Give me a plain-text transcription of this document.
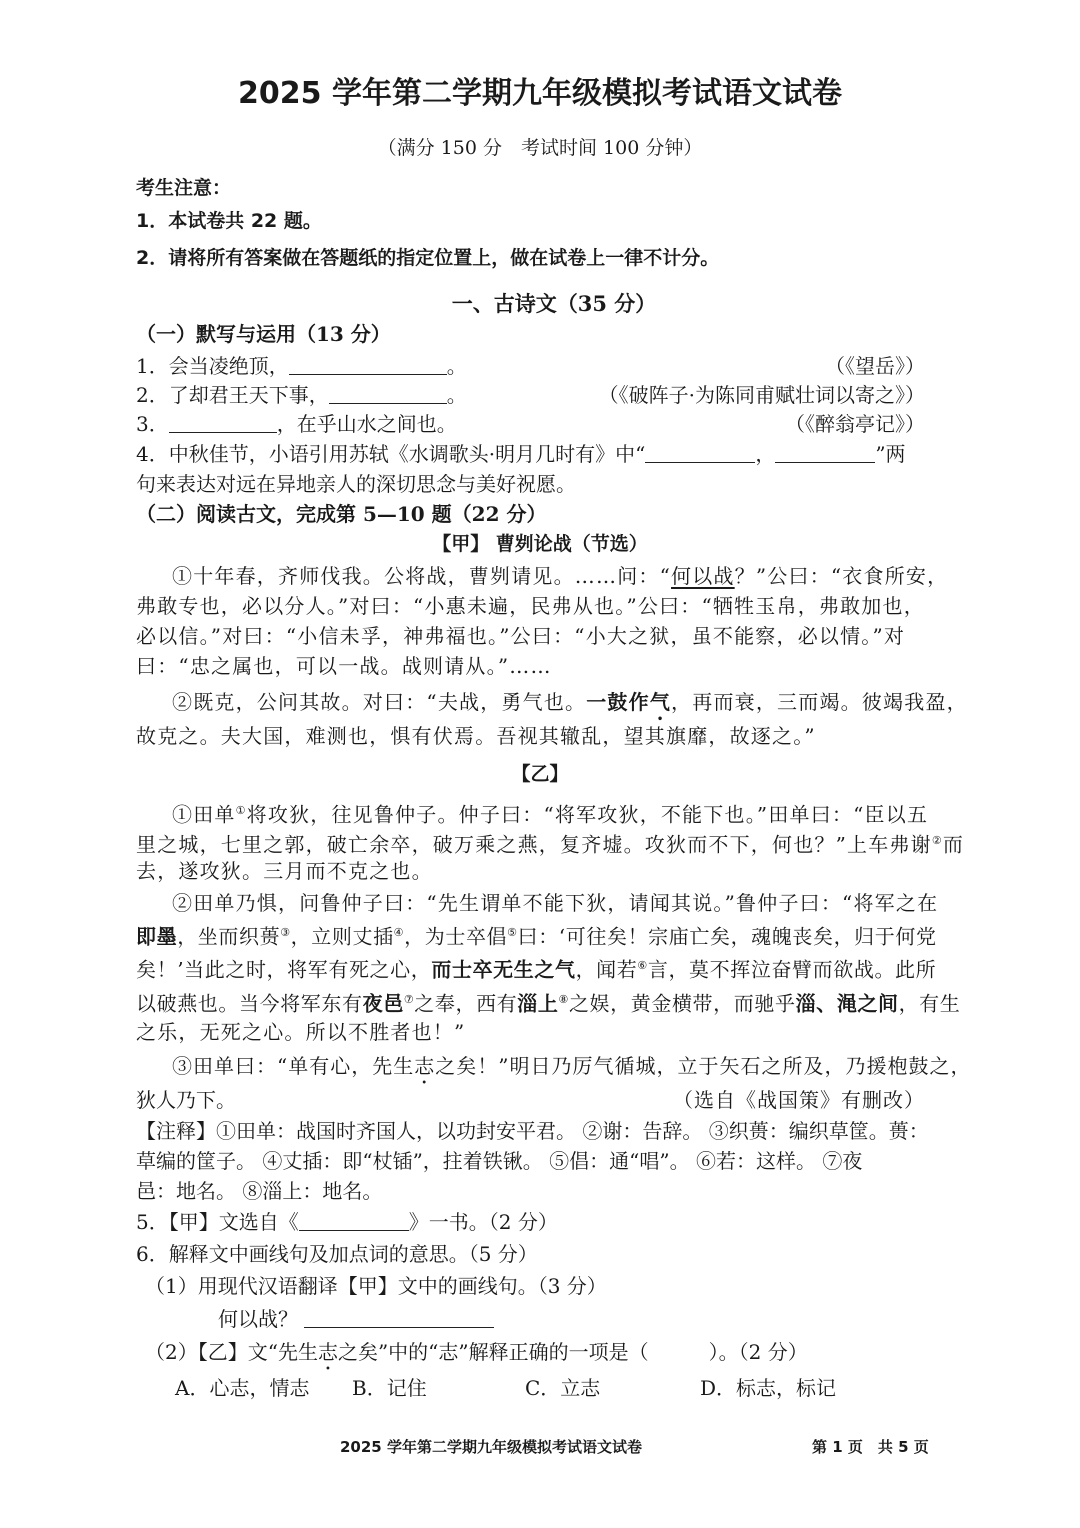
2025 学年第二学期九年级模拟考试语文试卷
（满分 150 分　考试时间 100 分钟）
考生注意：
1．本试卷共 22 题。
2．请将所有答案做在答题纸的指定位置上，做在试卷上一律不计分。
一、古诗文（35 分）
（一）默写与运用（13 分）
1．会当凌绝顶，	。	（《望岳》）
2．了却君王天下事，	。	（《破阵子·为陈同甫赋壮词以寄之》）
3．	，在乎山水之间也。	（《醉翁亭记》）
4．中秋佳节，小语引用苏轼《水调歌头·明月几时有》中“	，	”两
句来表达对远在异地亲人的深切思念与美好祝愿。
（二）阅读古文，完成第 5—10 题（22 分）
【甲】 曹刿论战（节选）
①十年春，齐师伐我。公将战，曹刿请见。……问：“何以战？”公曰：“衣食所安，
弗敢专也，必以分人。”对曰：“小惠未遍，民弗从也。”公曰：“牺牲玉帛，弗敢加也，
必以信。”对曰：“小信未孚，神弗福也。”公曰：“小大之狱，虽不能察，必以情。”对
曰：“忠之属也，可以一战。战则请从。”……
②既克，公问其故。对曰：“夫战，勇气也。一鼓作气，再而衰，三而竭。彼竭我盈，
故克之。夫大国，难测也，惧有伏焉。吾视其辙乱，望其旗靡，故逐之。”
【乙】
①田单①将攻狄，往见鲁仲子。仲子曰：“将军攻狄，不能下也。”田单曰：“臣以五
里之城，七里之郭，破亡余卒，破万乘之燕，复齐墟。攻狄而不下，何也？”上车弗谢②而
去，遂攻狄。三月而不克之也。
②田单乃惧，问鲁仲子曰：“先生谓单不能下狄，请闻其说。”鲁仲子曰：“将军之在
即墨，坐而织蒉③，立则丈插④，为士卒倡⑤曰：‘可往矣！宗庙亡矣，魂魄丧矣，归于何党
矣！’当此之时，将军有死之心，而士卒无生之气，闻若⑥言，莫不挥泣奋臂而欲战。此所
以破燕也。当今将军东有夜邑⑦之奉，西有淄上⑧之娱，黄金横带，而驰乎淄、渑之间，有生
之乐，无死之心。所以不胜者也！”
③田单曰：“单有心，先生志之矣！”明日乃厉气循城，立于矢石之所及，乃援枹鼓之，
狄人乃下。	（选自《战国策》有删改）
【注释】①田单：战国时齐国人，以功封安平君。 ②谢：告辞。 ③织蒉：编织草筐。蒉：
草编的筐子。 ④丈插：即“杖锸”，拄着铁锹。 ⑤倡：通“唱”。 ⑥若：这样。 ⑦夜
邑：地名。 ⑧淄上：地名。
5．【甲】文选自《	》一书。（2 分）
6．解释文中画线句及加点词的意思。（5 分）
（1）用现代汉语翻译【甲】文中的画线句。（3 分）
何以战？
（2）【乙】文“先生志之矣”中的“志”解释正确的一项是（　　　）。（2 分）
A．心志，情志 B．记住	C．立志	D．标志，标记
2025 学年第二学期九年级模拟考试语文试卷	第 1 页　共 5 页
